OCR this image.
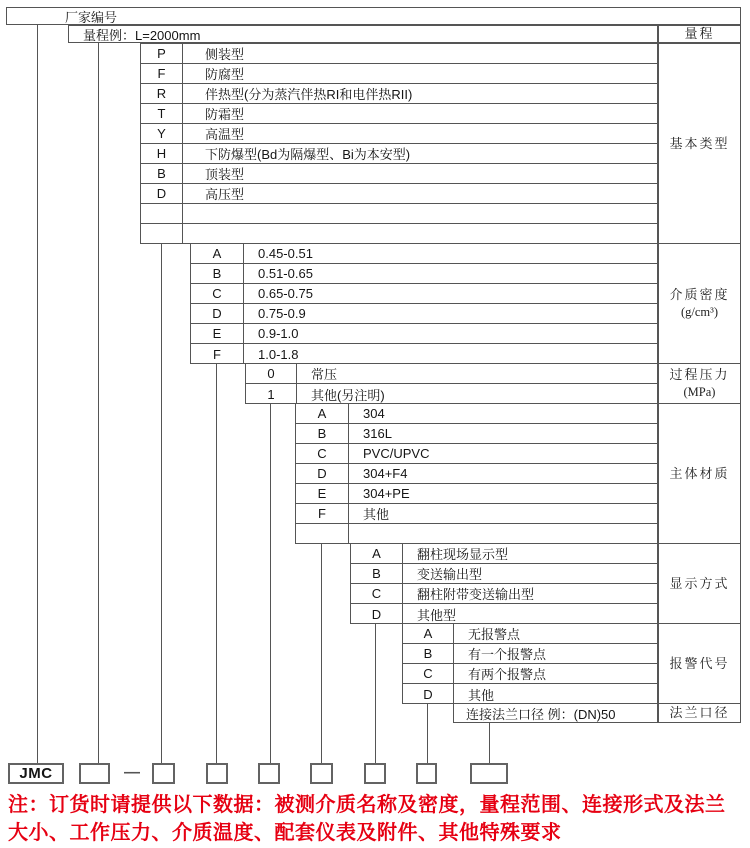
厂家编号
量程例：L=2000mm	量程
P	侧装型
F	防腐型
R	伴热型(分为蒸汽伴热RI和电伴热RII)
T	防霜型
Y	高温型
H	下防爆型(Bd为隔爆型、Bi为本安型)
B	顶装型
D	高压型
基本类型
A	0.45-0.51
B	0.51-0.65
C	0.65-0.75
D	0.75-0.9
E	0.9-1.0
F	1.0-1.8
介质密度
(g/cm³)
0	常压
1	其他(另注明)
过程压力
(MPa)
A	304
B	316L
C	PVC/UPVC
D	304+F4
E	304+PE
F	其他
主体材质
A	翻柱现场显示型
B	变送输出型
C	翻柱附带变送输出型
D	其他型
显示方式
A	无报警点
B	有一个报警点
C	有两个报警点
D	其他
报警代号
连接法兰口径 例：(DN)50	法兰口径
JMC	—
注：订货时请提供以下数据：被测介质名称及密度，量程范围、连接形式及法兰大小、工作压力、介质温度、配套仪表及附件、其他特殊要求
